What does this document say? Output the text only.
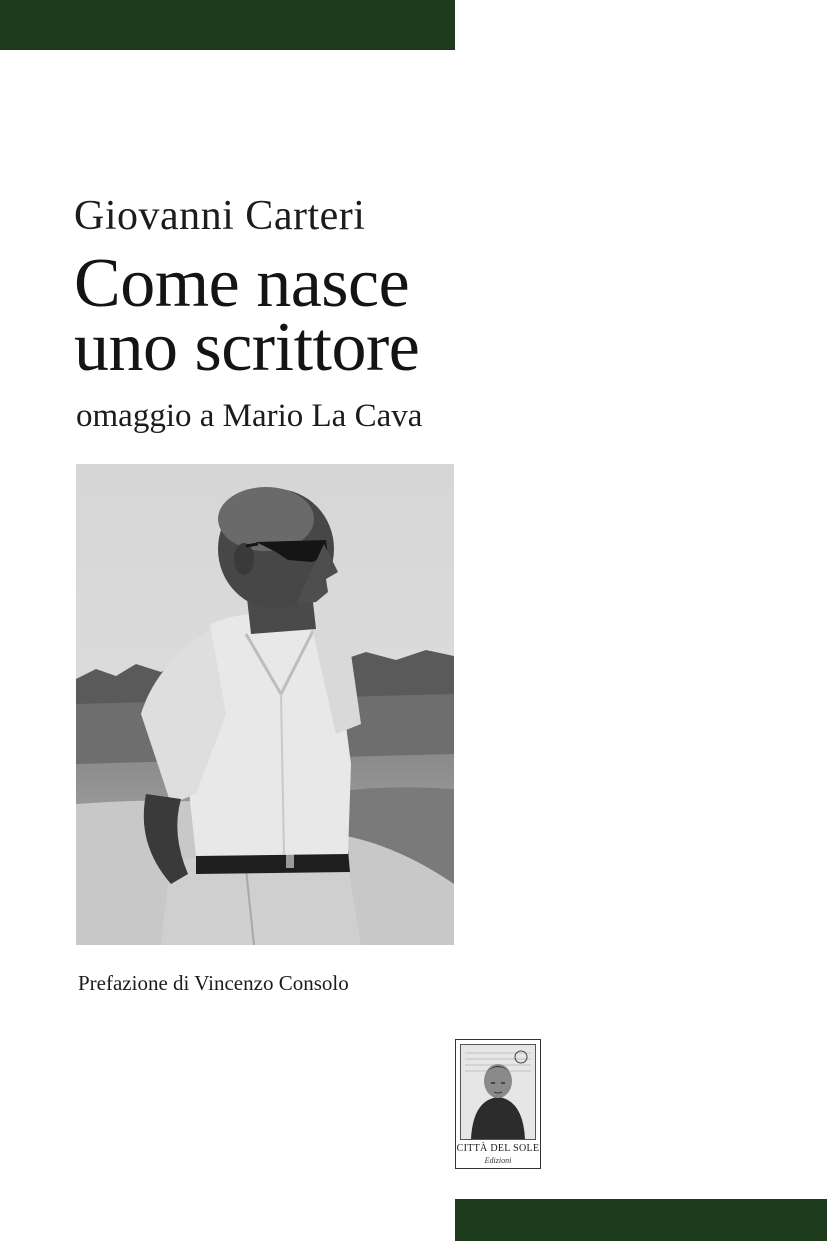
Giovanni Carteri
Come nasce
uno scrittore
omaggio a Mario La Cava
Prefazione di Vincenzo Consolo
CITTÀ DEL SOLE
Edizioni
